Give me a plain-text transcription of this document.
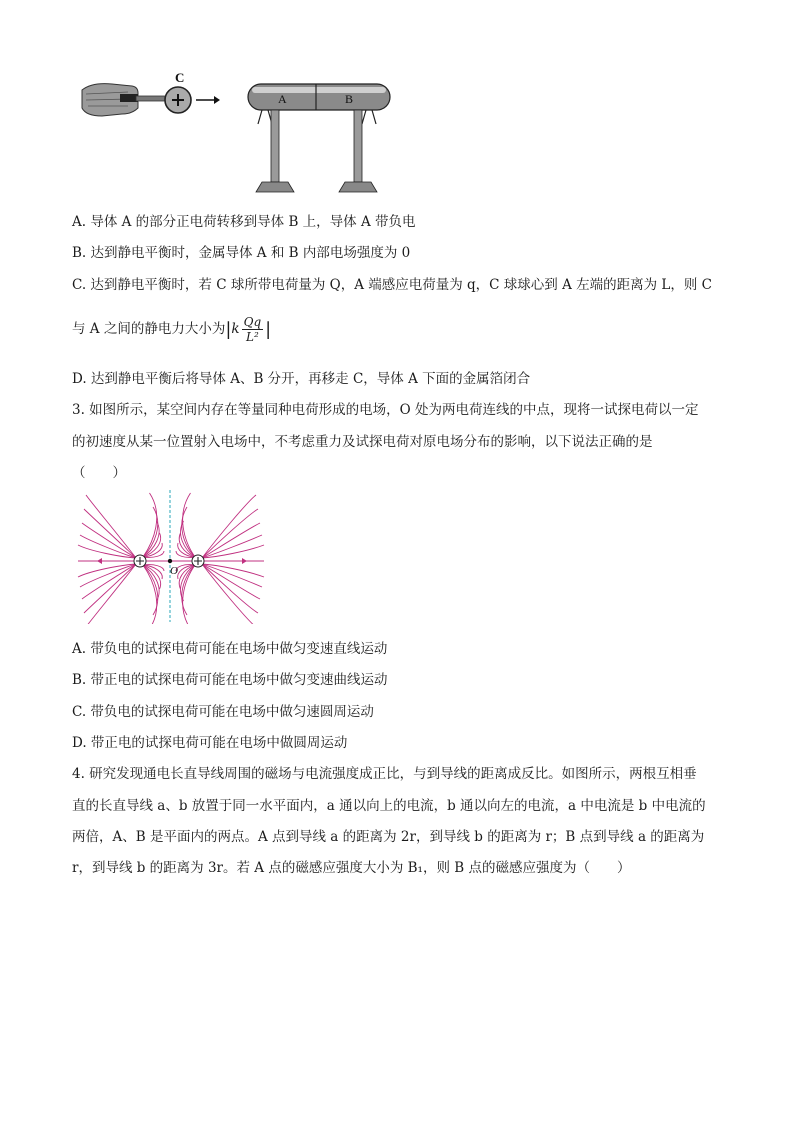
C
A	B
A. 导体 A 的部分正电荷转移到导体 B 上，导体 A 带负电
B. 达到静电平衡时，金属导体 A 和 B 内部电场强度为 0
C. 达到静电平衡时，若 C 球所带电荷量为 Q，A 端感应电荷量为 q，C 球球心到 A 左端的距离为 L，则 C
与 A 之间的静电力大小为$|k \frac{Qq}{\text{L²}}$ |
D. 达到静电平衡后将导体 A、B 分开，再移走 C，导体 A 下面的金属箔闭合
3. 如图所示，某空间内存在等量同种电荷形成的电场，O 处为两电荷连线的中点，现将一试探电荷以一定
的初速度从某一位置射入电场中，不考虑重力及试探电荷对原电场分布的影响，以下说法正确的是
（　　）
O
A. 带负电的试探电荷可能在电场中做匀变速直线运动
B. 带正电的试探电荷可能在电场中做匀变速曲线运动
C. 带负电的试探电荷可能在电场中做匀速圆周运动
D. 带正电的试探电荷可能在电场中做圆周运动
4. 研究发现通电长直导线周围的磁场与电流强度成正比，与到导线的距离成反比。如图所示，两根互相垂
直的长直导线 a、b 放置于同一水平面内，a 通以向上的电流，b 通以向左的电流，a 中电流是 b 中电流的
两倍，A、B 是平面内的两点。A 点到导线 a 的距离为 2r，到导线 b 的距离为 r；B 点到导线 a 的距离为
r，到导线 b 的距离为 3r。若 A 点的磁感应强度大小为 B₁，则 B 点的磁感应强度为（　　）
